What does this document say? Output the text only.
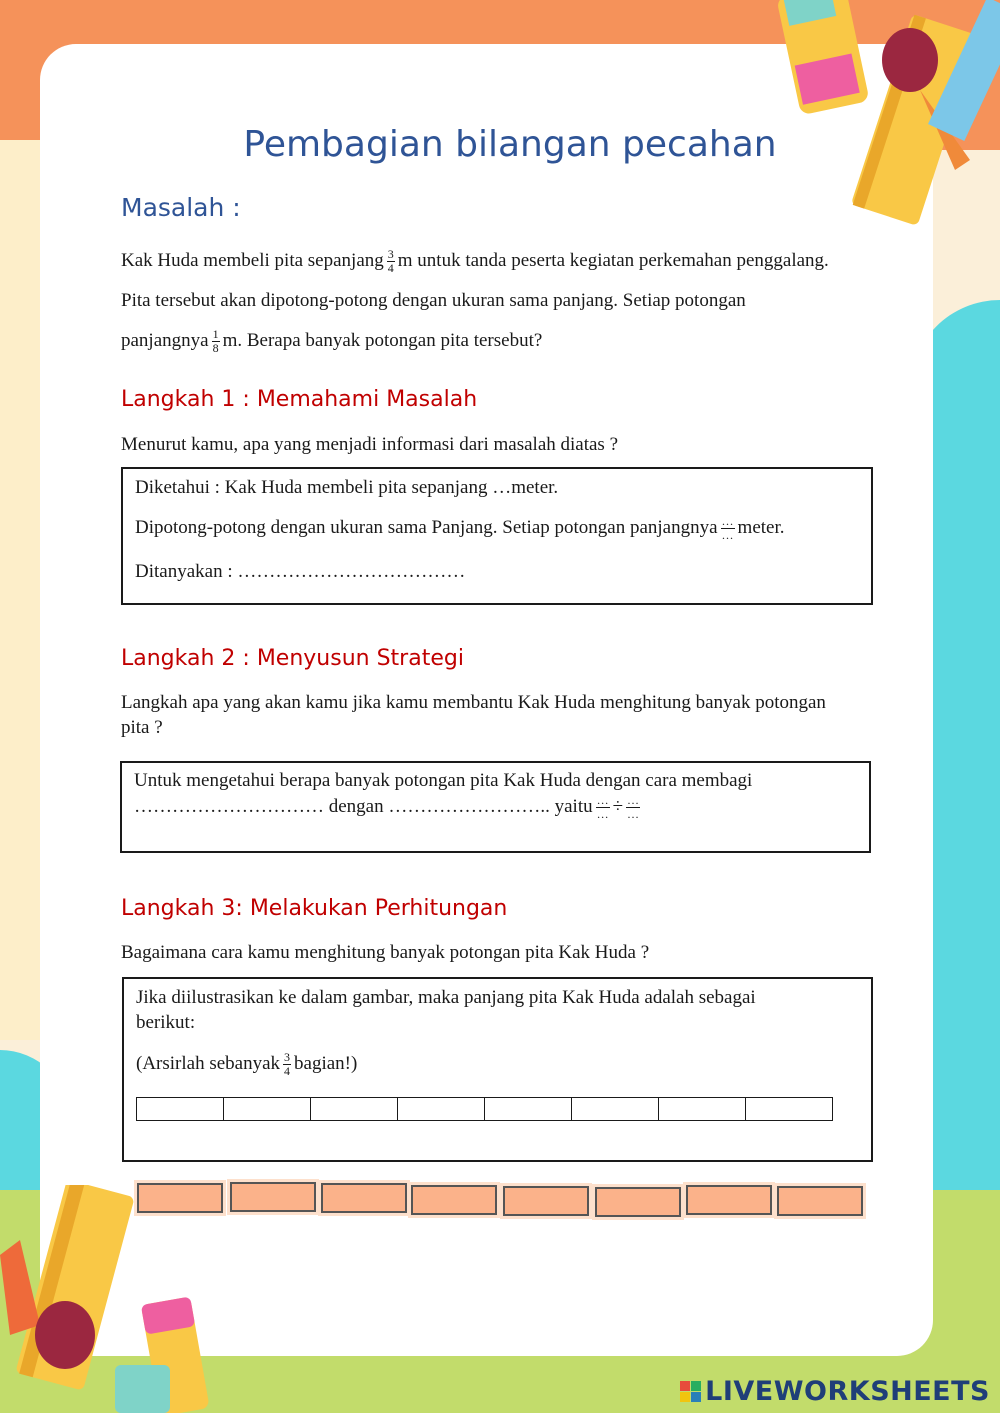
Pembagian bilangan pecahan
Masalah :
Kak Huda membeli pita sepanjang $\frac{3}{4}$ m untuk tanda peserta kegiatan perkemahan penggalang.
Pita tersebut akan dipotong-potong dengan ukuran sama panjang. Setiap potongan
panjangnya $\frac{1}{8} m$. Berapa banyak potongan pita tersebut?
Langkah 1 : Memahami Masalah
Menurut kamu, apa yang menjadi informasi dari masalah diatas ?
Diketahui : Kak Huda membeli pita sepanjang …meter.
Dipotong-potong dengan ukuran sama Panjang. Setiap potongan panjangnya $\frac{\dots}{\dots}$ meter.
Ditanyakan : ………………………………
Langkah 2 : Menyusun Strategi
Langkah apa yang akan kamu jika kamu membantu Kak Huda menghitung banyak potongan
pita ?
Untuk mengetahui berapa banyak potongan pita Kak Huda dengan cara membagi
………………………… dengan …………………….. yaitu $\frac{\dots}{\dots} \div \frac{\dots}{\dots}$
Langkah 3: Melakukan Perhitungan
Bagaimana cara kamu menghitung banyak potongan pita Kak Huda ?
Jika diilustrasikan ke dalam gambar, maka panjang pita Kak Huda adalah sebagai
berikut:
(Arsirlah sebanyak $\frac{3}{4}$ bagian!)
LIVEWORKSHEETS
